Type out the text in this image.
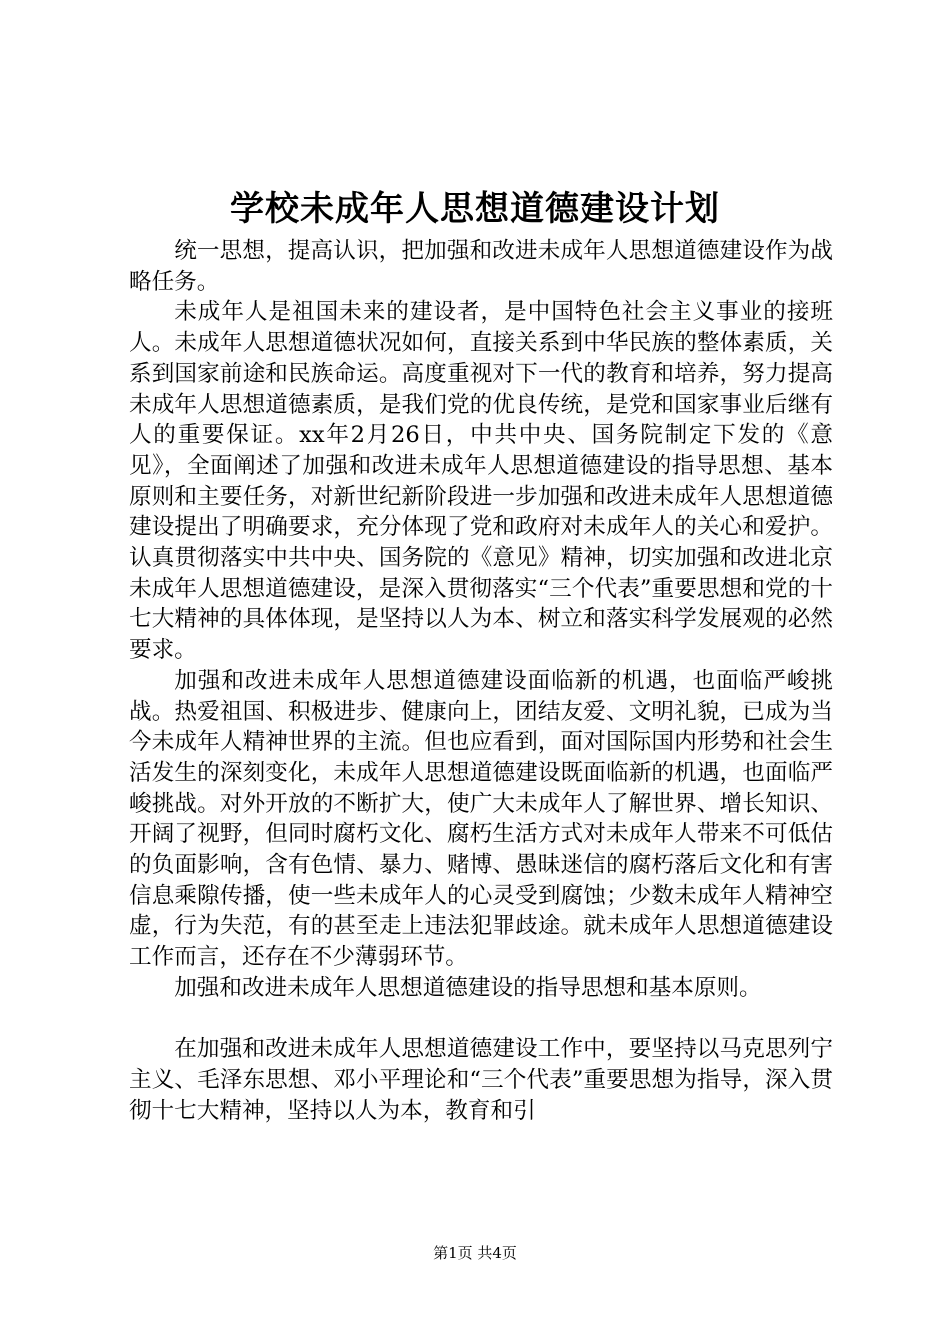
学校未成年人思想道德建设计划

统一思想，提高认识，把加强和改进未成年人思想道德建设作为战略任务。

未成年人是祖国未来的建设者，是中国特色社会主义事业的接班人。未成年人思想道德状况如何，直接关系到中华民族的整体素质，关系到国家前途和民族命运。高度重视对下一代的教育和培养，努力提高未成年人思想道德素质，是我们党的优良传统，是党和国家事业后继有人的重要保证。xx年2月26日，中共中央、国务院制定下发的《意见》，全面阐述了加强和改进未成年人思想道德建设的指导思想、基本原则和主要任务，对新世纪新阶段进一步加强和改进未成年人思想道德建设提出了明确要求，充分体现了党和政府对未成年人的关心和爱护。认真贯彻落实中共中央、国务院的《意见》精神，切实加强和改进北京未成年人思想道德建设，是深入贯彻落实“三个代表”重要思想和党的十七大精神的具体体现，是坚持以人为本、树立和落实科学发展观的必然要求。

加强和改进未成年人思想道德建设面临新的机遇，也面临严峻挑战。热爱祖国、积极进步、健康向上，团结友爱、文明礼貌，已成为当今未成年人精神世界的主流。但也应看到，面对国际国内形势和社会生活发生的深刻变化，未成年人思想道德建设既面临新的机遇，也面临严峻挑战。对外开放的不断扩大，使广大未成年人了解世界、增长知识、开阔了视野，但同时腐朽文化、腐朽生活方式对未成年人带来不可低估的负面影响，含有色情、暴力、赌博、愚昧迷信的腐朽落后文化和有害信息乘隙传播，使一些未成年人的心灵受到腐蚀；少数未成年人精神空虚，行为失范，有的甚至走上违法犯罪歧途。就未成年人思想道德建设工作而言，还存在不少薄弱环节。

加强和改进未成年人思想道德建设的指导思想和基本原则。

在加强和改进未成年人思想道德建设工作中，要坚持以马克思列宁主义、毛泽东思想、邓小平理论和“三个代表”重要思想为指导，深入贯彻十七大精神，坚持以人为本，教育和引

第1页 共4页
